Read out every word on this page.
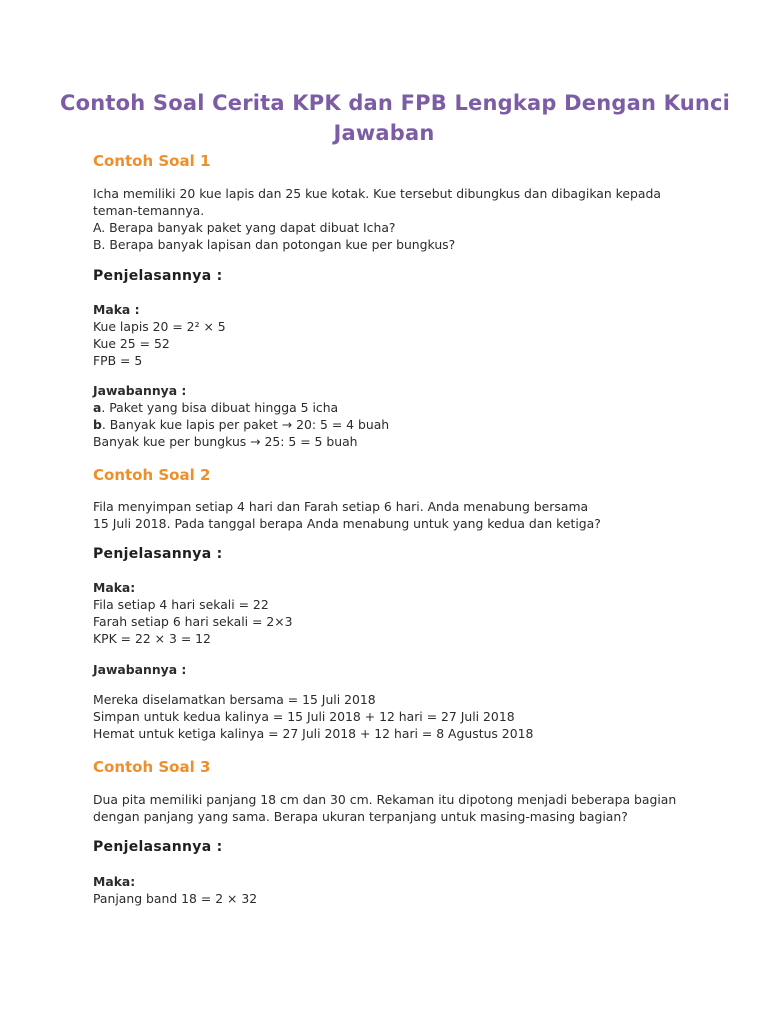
Contoh Soal Cerita KPK dan FPB Lengkap Dengan Kunci
Jawaban
Contoh Soal 1
Icha memiliki 20 kue lapis dan 25 kue kotak. Kue tersebut dibungkus dan dibagikan kepada
teman-temannya.
A. Berapa banyak paket yang dapat dibuat Icha?
B. Berapa banyak lapisan dan potongan kue per bungkus?
Penjelasannya :
Maka :
Kue lapis 20 = 2² × 5
Kue 25 = 52
FPB = 5
Jawabannya :
a. Paket yang bisa dibuat hingga 5 icha
b. Banyak kue lapis per paket → 20: 5 = 4 buah
Banyak kue per bungkus → 25: 5 = 5 buah
Contoh Soal 2
Fila menyimpan setiap 4 hari dan Farah setiap 6 hari. Anda menabung bersama
15 Juli 2018. Pada tanggal berapa Anda menabung untuk yang kedua dan ketiga?
Penjelasannya :
Maka:
Fila setiap 4 hari sekali = 22
Farah setiap 6 hari sekali = 2×3
KPK = 22 × 3 = 12
Jawabannya :
Mereka diselamatkan bersama = 15 Juli 2018
Simpan untuk kedua kalinya = 15 Juli 2018 + 12 hari = 27 Juli 2018
Hemat untuk ketiga kalinya = 27 Juli 2018 + 12 hari = 8 Agustus 2018
Contoh Soal 3
Dua pita memiliki panjang 18 cm dan 30 cm. Rekaman itu dipotong menjadi beberapa bagian
dengan panjang yang sama. Berapa ukuran terpanjang untuk masing-masing bagian?
Penjelasannya :
Maka:
Panjang band 18 = 2 × 32
